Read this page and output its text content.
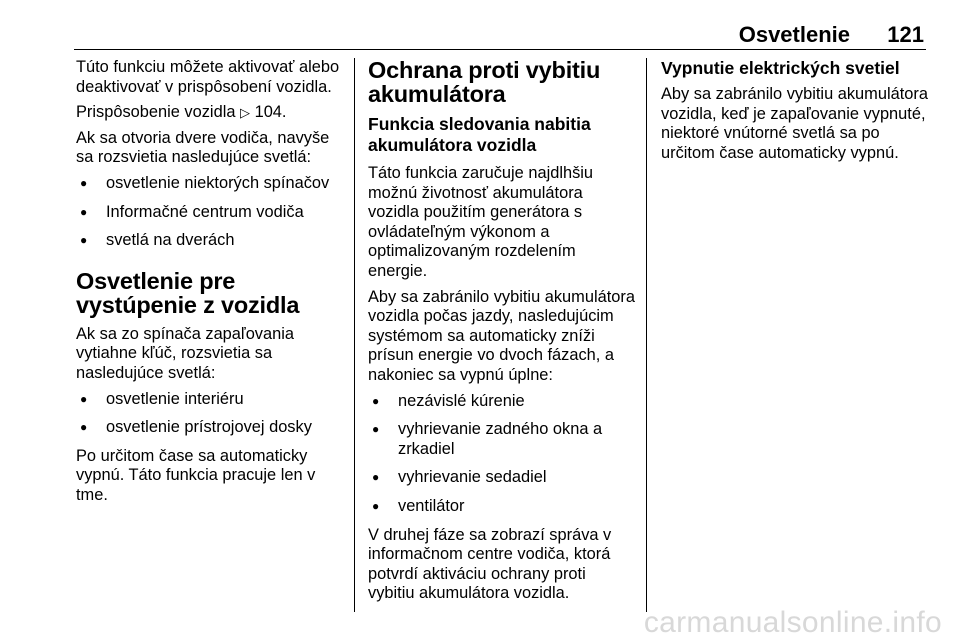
Osvetlenie 121

Túto funkciu môžete aktivovať alebo deaktivovať v prispôsobení vozidla.

Prispôsobenie vozidla ▷ 104.

Ak sa otvoria dvere vodiča, navyše sa rozsvietia nasledujúce svetlá:

● osvetlenie niektorých spínačov
● Informačné centrum vodiča
● svetlá na dverách
Osvetlenie pre vystúpenie z vozidla

Ak sa zo spínača zapaľovania vytiahne kľúč, rozsvietia sa nasledujúce svetlá:

● osvetlenie interiéru
● osvetlenie prístrojovej dosky

Po určitom čase sa automaticky vypnú. Táto funkcia pracuje len v tme.

Ochrana proti vybitiu akumulátora
Funkcia sledovania nabitia akumulátora vozidla

Táto funkcia zaručuje najdlhšiu možnú životnosť akumulátora vozidla použitím generátora s ovládateľným výkonom a optimalizovaným rozdelením energie.

Aby sa zabránilo vybitiu akumulátora vozidla počas jazdy, nasledujúcim systémom sa automaticky zníži prísun energie vo dvoch fázach, a nakoniec sa vypnú úplne:

● nezávislé kúrenie
● vyhrievanie zadného okna a zrkadiel
● vyhrievanie sedadiel
● ventilátor

V druhej fáze sa zobrazí správa v informačnom centre vodiča, ktorá potvrdí aktiváciu ochrany proti vybitiu akumulátora vozidla.

Vypnutie elektrických svetiel

Aby sa zabránilo vybitiu akumulátora vozidla, keď je zapaľovanie vypnuté, niektoré vnútorné svetlá sa po určitom čase automaticky vypnú.

carmanualsonline.info
